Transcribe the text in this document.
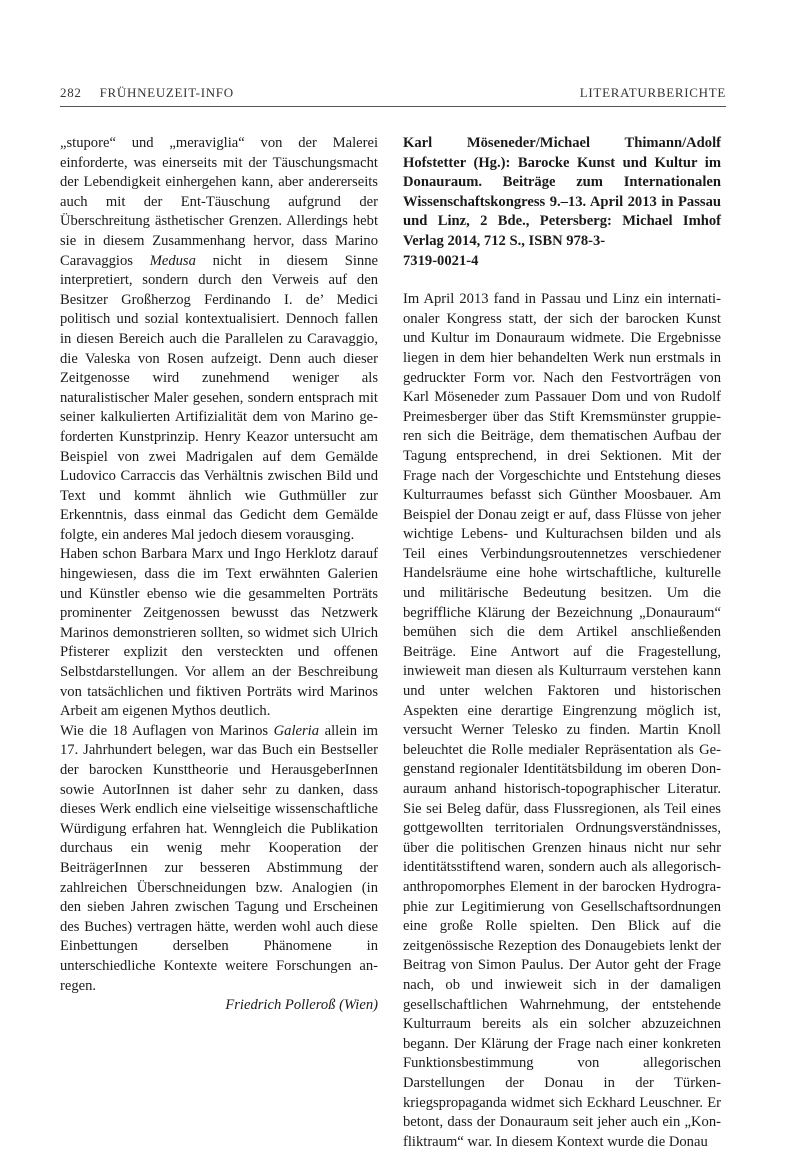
282 FRÜHNEUZEIT-INFO	LITERATURBERICHTE

„stupore“ und „meraviglia“ von der Malerei einforderte, was einerseits mit der Täuschungsmacht der Lebendigkeit einhergehen kann, aber andererseits auch mit der Ent-Täuschung aufgrund der Überschreitung ästhetischer Grenzen. Allerdings hebt sie in diesem Zusammenhang hervor, dass Marino Caravaggios Medusa nicht in diesem Sinne interpretiert, sondern durch den Verweis auf den Besitzer Großherzog Ferdinando I. de’ Medici politisch und sozial kontextualisiert. Dennoch fallen in diesen Bereich auch die Parallelen zu Caravaggio, die Valeska von Rosen aufzeigt. Denn auch dieser Zeitgenosse wird zunehmend weniger als naturalistischer Maler gesehen, sondern entsprach mit seiner kalkulierten Artifizialität dem von Marino geforderten Kunstprinzip. Henry Keazor untersucht am Beispiel von zwei Madrigalen auf dem Gemälde Ludovico Carraccis das Verhältnis zwischen Bild und Text und kommt ähnlich wie Guthmüller zur Erkenntnis, dass einmal das Gedicht dem Gemälde folgte, ein anderes Mal jedoch diesem vorausging.

Haben schon Barbara Marx und Ingo Herklotz darauf hingewiesen, dass die im Text erwähnten Galerien und Künstler ebenso wie die gesammelten Porträts prominenter Zeitgenossen bewusst das Netzwerk Marinos demonstrieren sollten, so widmet sich Ulrich Pfisterer explizit den versteckten und offenen Selbstdarstellungen. Vor allem an der Beschreibung von tatsächlichen und fiktiven Porträts wird Marinos Arbeit am eigenen Mythos deutlich.

Wie die 18 Auflagen von Marinos Galeria allein im 17. Jahrhundert belegen, war das Buch ein Bestseller der barocken Kunsttheorie und HerausgeberInnen sowie AutorInnen ist daher sehr zu danken, dass dieses Werk endlich eine vielseitige wissenschaftliche Würdigung erfahren hat. Wenngleich die Publikation durchaus ein wenig mehr Kooperation der BeiträgerInnen zur besseren Abstimmung der zahlreichen Überschneidungen bzw. Analogien (in den sieben Jahren zwischen Tagung und Erscheinen des Buches) vertragen hätte, werden wohl auch diese Einbettungen derselben Phänomene in unterschiedliche Kontexte weitere Forschungen anregen.

Friedrich Polleroß (Wien)

Karl Möseneder/Michael Thimann/Adolf Hofstetter (Hg.): Barocke Kunst und Kultur im Donauraum. Beiträge zum Internationalen Wissenschaftskongress 9.–13. April 2013 in Passau und Linz, 2 Bde., Petersberg: Michael Imhof Verlag 2014, 712 S., ISBN 978-3-
7319-0021-4

Im April 2013 fand in Passau und Linz ein internationaler Kongress statt, der sich der barocken Kunst und Kultur im Donauraum widmete. Die Ergebnisse liegen in dem hier behandelten Werk nun erstmals in gedruckter Form vor. Nach den Festvorträgen von Karl Möseneder zum Passauer Dom und von Rudolf Preimesberger über das Stift Kremsmünster gruppieren sich die Beiträge, dem thematischen Aufbau der Tagung entsprechend, in drei Sektionen. Mit der Frage nach der Vorgeschichte und Entstehung dieses Kulturraumes befasst sich Günther Moosbauer. Am Beispiel der Donau zeigt er auf, dass Flüsse von jeher wichtige Lebens- und Kulturachsen bilden und als Teil eines Verbindungsroutennetzes verschiedener Handelsräume eine hohe wirtschaftliche, kulturelle und militärische Bedeutung besitzen. Um die begriffliche Klärung der Bezeichnung „Donauraum“ bemühen sich die dem Artikel anschließenden Beiträge. Eine Antwort auf die Fragestellung, inwieweit man diesen als Kulturraum verstehen kann und unter welchen Faktoren und historischen Aspekten eine derartige Eingrenzung möglich ist, versucht Werner Telesko zu finden. Martin Knoll beleuchtet die Rolle medialer Repräsentation als Gegenstand regionaler Identitätsbildung im oberen Donauraum anhand historisch-topographischer Literatur. Sie sei Beleg dafür, dass Flussregionen, als Teil eines gottgewollten territorialen Ordnungsverständnisses, über die politischen Grenzen hinaus nicht nur sehr identitätsstiftend waren, sondern auch als allegorisch-anthropomorphes Element in der barocken Hydrographie zur Legitimierung von Gesellschaftsordnungen eine große Rolle spielten. Den Blick auf die zeitgenössische Rezeption des Donaugebiets lenkt der Beitrag von Simon Paulus. Der Autor geht der Frage nach, ob und inwieweit sich in der damaligen gesellschaftlichen Wahrnehmung, der entstehende Kulturraum bereits als ein solcher abzuzeichnen begann. Der Klärung der Frage nach einer konkreten Funktionsbestimmung von allegorischen Darstellungen der Donau in der Türkenkriegspropaganda widmet sich Eckhard Leuschner. Er betont, dass der Donauraum seit jeher auch ein „Konfliktraum“ war. In diesem Kontext wurde die Donau
